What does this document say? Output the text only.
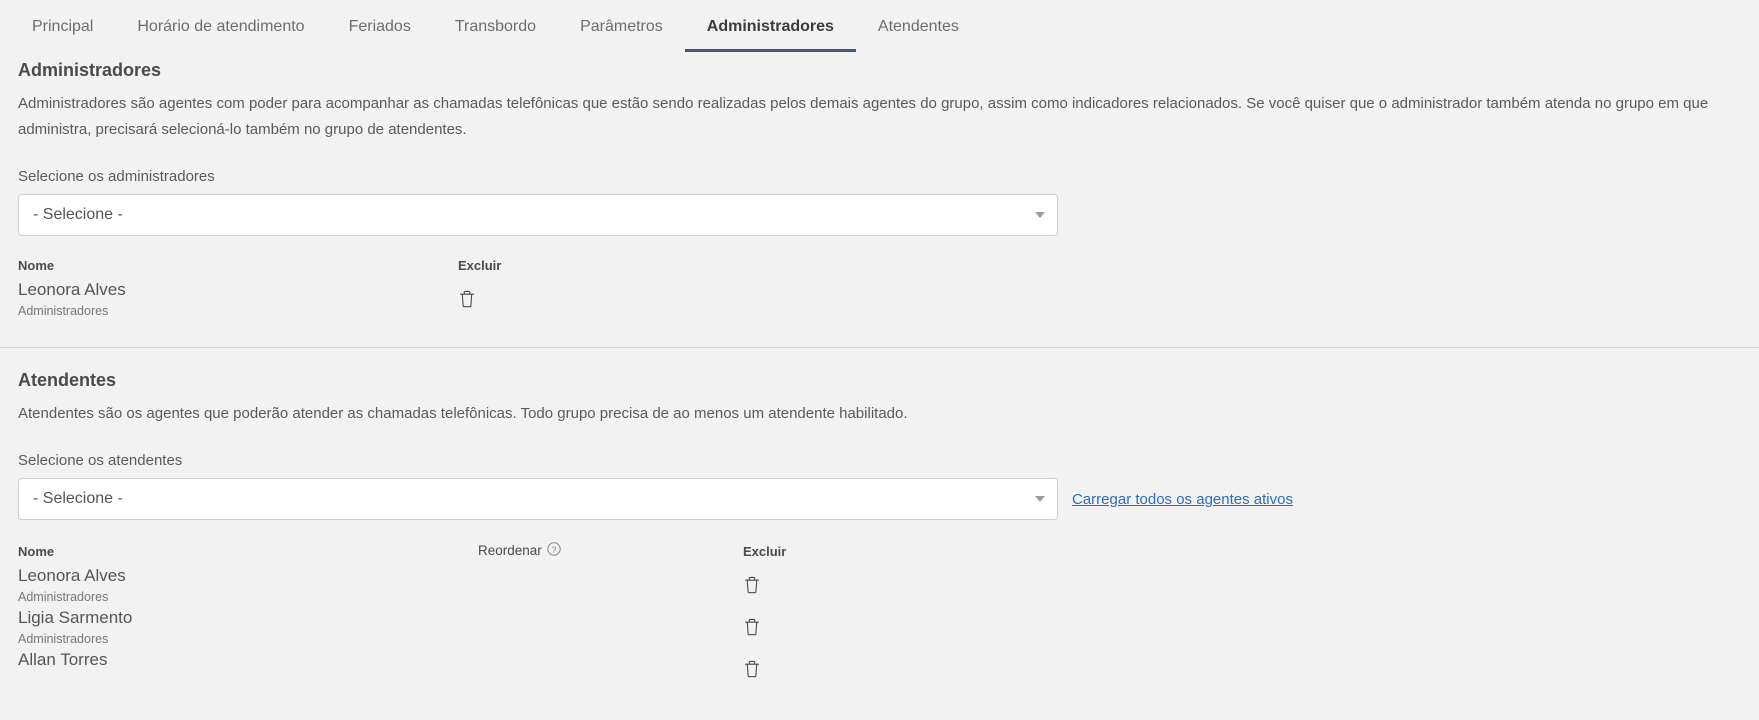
Principal	Horário de atendimento	Feriados	Transbordo	Parâmetros	Administradores	Atendentes
Administradores

Administradores são agentes com poder para acompanhar as chamadas telefônicas que estão sendo realizadas pelos demais agentes do grupo, assim como indicadores relacionados. Se você quiser que o administrador também atenda no grupo em que administra, precisará selecioná-lo também no grupo de atendentes.

Selecione os administradores
- Selecione -
Nome	Excluir	

Leonora Alves
Administradores

Atendentes

Atendentes são os agentes que poderão atender as chamadas telefônicas. Todo grupo precisa de ao menos um atendente habilitado.

Selecione os atendentes
- Selecione -	Carregar todos os agentes ativos
Nome	Reordenar ?	Excluir	

Leonora Alves
Administradores

Ligia Sarmento
Administradores

Allan Torres
